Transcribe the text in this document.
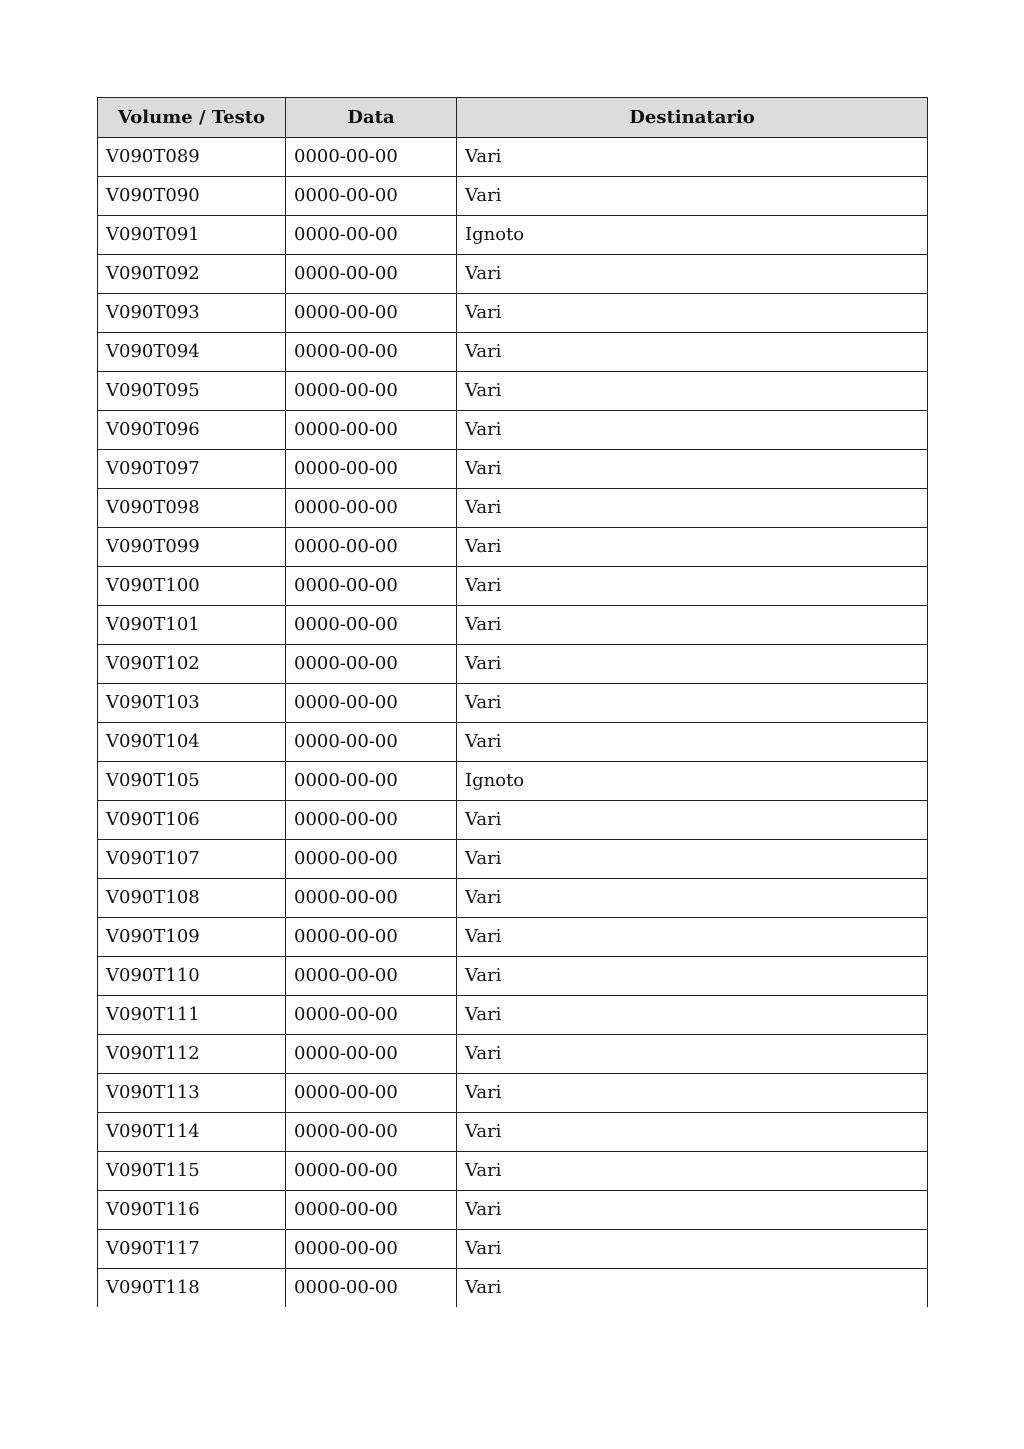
Volume / Testo	Data	Destinatario
V090T089	0000-00-00	Vari
V090T090	0000-00-00	Vari
V090T091	0000-00-00	Ignoto
V090T092	0000-00-00	Vari
V090T093	0000-00-00	Vari
V090T094	0000-00-00	Vari
V090T095	0000-00-00	Vari
V090T096	0000-00-00	Vari
V090T097	0000-00-00	Vari
V090T098	0000-00-00	Vari
V090T099	0000-00-00	Vari
V090T100	0000-00-00	Vari
V090T101	0000-00-00	Vari
V090T102	0000-00-00	Vari
V090T103	0000-00-00	Vari
V090T104	0000-00-00	Vari
V090T105	0000-00-00	Ignoto
V090T106	0000-00-00	Vari
V090T107	0000-00-00	Vari
V090T108	0000-00-00	Vari
V090T109	0000-00-00	Vari
V090T110	0000-00-00	Vari
V090T111	0000-00-00	Vari
V090T112	0000-00-00	Vari
V090T113	0000-00-00	Vari
V090T114	0000-00-00	Vari
V090T115	0000-00-00	Vari
V090T116	0000-00-00	Vari
V090T117	0000-00-00	Vari
V090T118	0000-00-00	Vari
